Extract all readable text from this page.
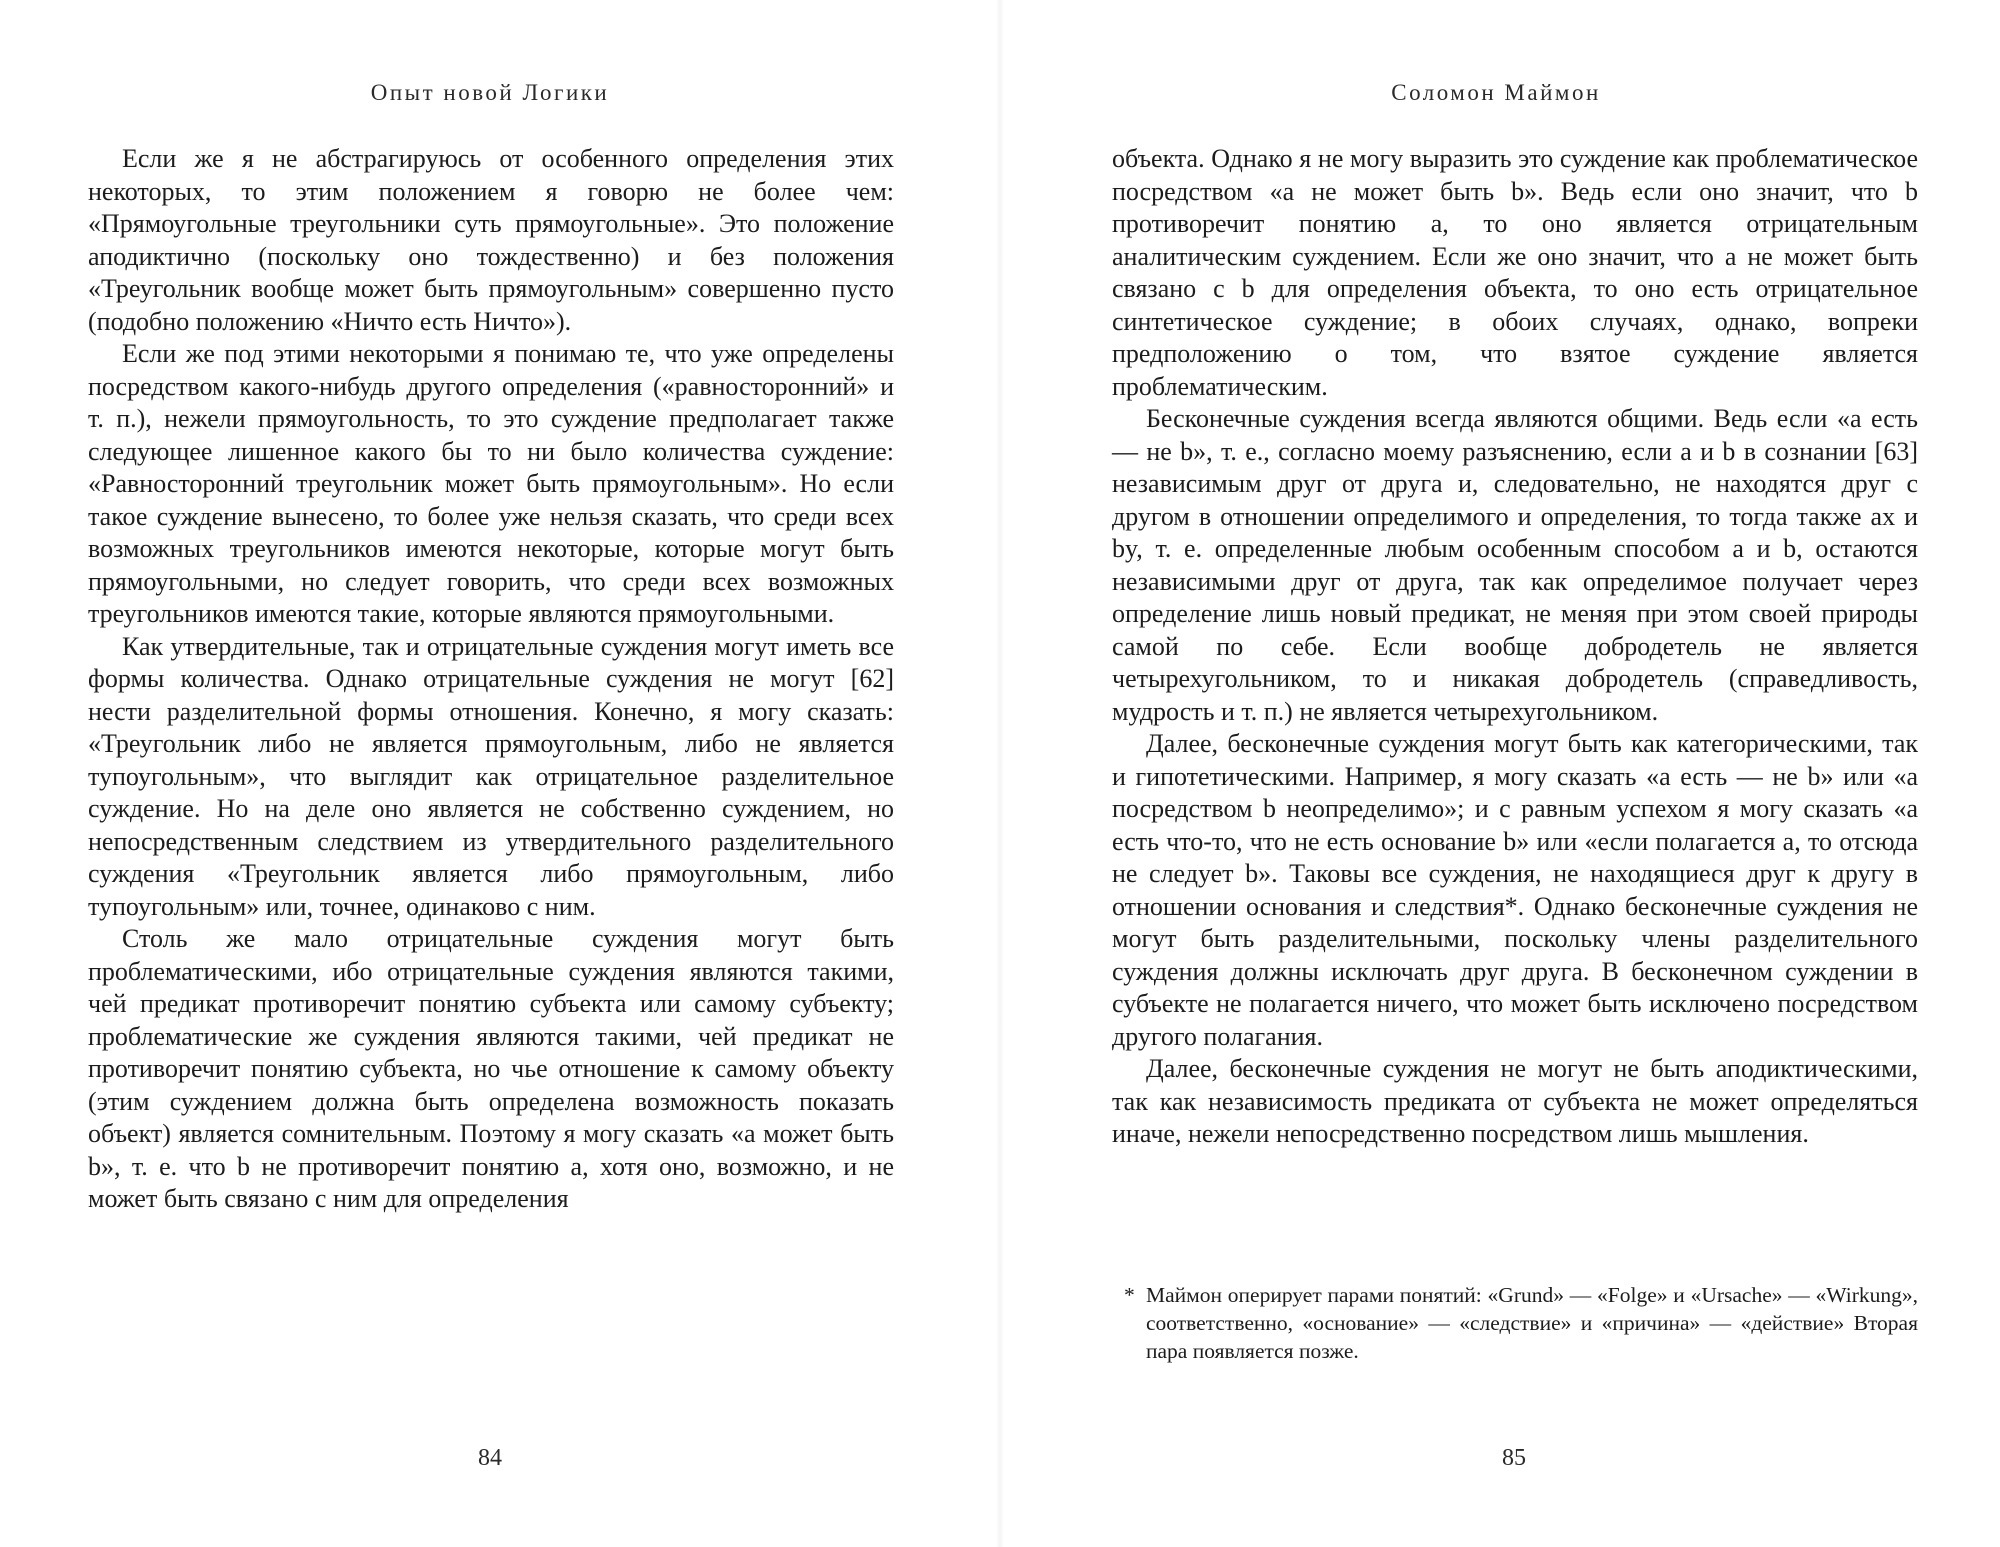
Опыт новой Логики

Если же я не абстрагируюсь от особенного определения этих некоторых, то этим положением я говорю не более чем: «Прямоугольные треугольники суть прямоугольные». Это положение аподиктично (поскольку оно тождественно) и без положения «Треугольник вообще может быть прямоугольным» совершенно пусто (подобно положению «Ничто есть Ничто»).

Если же под этими некоторыми я понимаю те, что уже определены посредством какого-нибудь другого определения («равносторонний» и т. п.), нежели прямоугольность, то это суждение предполагает также следующее лишенное какого бы то ни было количества суждение: «Равносторонний треугольник может быть прямоугольным». Но если такое суждение вынесено, то более уже нельзя сказать, что среди всех возможных треугольников имеются некоторые, которые могут быть прямоугольными, но следует говорить, что среди всех возможных треугольников имеются такие, которые являются прямоугольными.

Как утвердительные, так и отрицательные суждения могут иметь все формы количества. Однако отрицательные суждения не могут [62] нести разделительной формы отношения. Конечно, я могу сказать: «Треугольник либо не является прямоугольным, либо не является тупоугольным», что выглядит как отрицательное разделительное суждение. Но на деле оно является не собственно суждением, но непосредственным следствием из утвердительного разделительного суждения «Треугольник является либо прямоугольным, либо тупоугольным» или, точнее, одинаково с ним.

Столь же мало отрицательные суждения могут быть проблематическими, ибо отрицательные суждения являются такими, чей предикат противоречит понятию субъекта или самому субъекту; проблематические же суждения являются такими, чей предикат не противоречит понятию субъекта, но чье отношение к самому объекту (этим суждением должна быть определена возможность показать объект) является сомнительным. Поэтому я могу сказать «a может быть b», т. е. что b не противоречит понятию a, хотя оно, возможно, и не может быть связано с ним для определения

84
Соломон Маймон

объекта. Однако я не могу выразить это суждение как проблематическое посредством «a не может быть b». Ведь если оно значит, что b противоречит понятию a, то оно является отрицательным аналитическим суждением. Если же оно значит, что a не может быть связано с b для определения объекта, то оно есть отрицательное синтетическое суждение; в обоих случаях, однако, вопреки предположению о том, что взятое суждение является проблематическим.

Бесконечные суждения всегда являются общими. Ведь если «a есть — не b», т. е., согласно моему разъяснению, если a и b в сознании [63] независимым друг от друга и, следовательно, не находятся друг с другом в отношении определимого и определения, то тогда также ax и by, т. е. определенные любым особенным способом a и b, остаются независимыми друг от друга, так как определимое получает через определение лишь новый предикат, не меняя при этом своей природы самой по себе. Если вообще добродетель не является четырехугольником, то и никакая добродетель (справедливость, мудрость и т. п.) не является четырехугольником.

Далее, бесконечные суждения могут быть как категорическими, так и гипотетическими. Например, я могу сказать «a есть — не b» или «a посредством b неопределимо»; и с равным успехом я могу сказать «a есть что-то, что не есть основание b» или «если полагается a, то отсюда не следует b». Таковы все суждения, не находящиеся друг к другу в отношении основания и следствия*. Однако бесконечные суждения не могут быть разделительными, поскольку члены разделительного суждения должны исключать друг друга. В бесконечном суждении в субъекте не полагается ничего, что может быть исключено посредством другого полагания.

Далее, бесконечные суждения не могут не быть аподиктическими, так как независимость предиката от субъекта не может определяться иначе, нежели непосредственно посредством лишь мышления.

* Маймон оперирует парами понятий: «Grund» — «Folge» и «Ursache» — «Wirkung», соответственно, «основание» — «следствие» и «причина» — «действие» Вторая пара появляется позже.
85
